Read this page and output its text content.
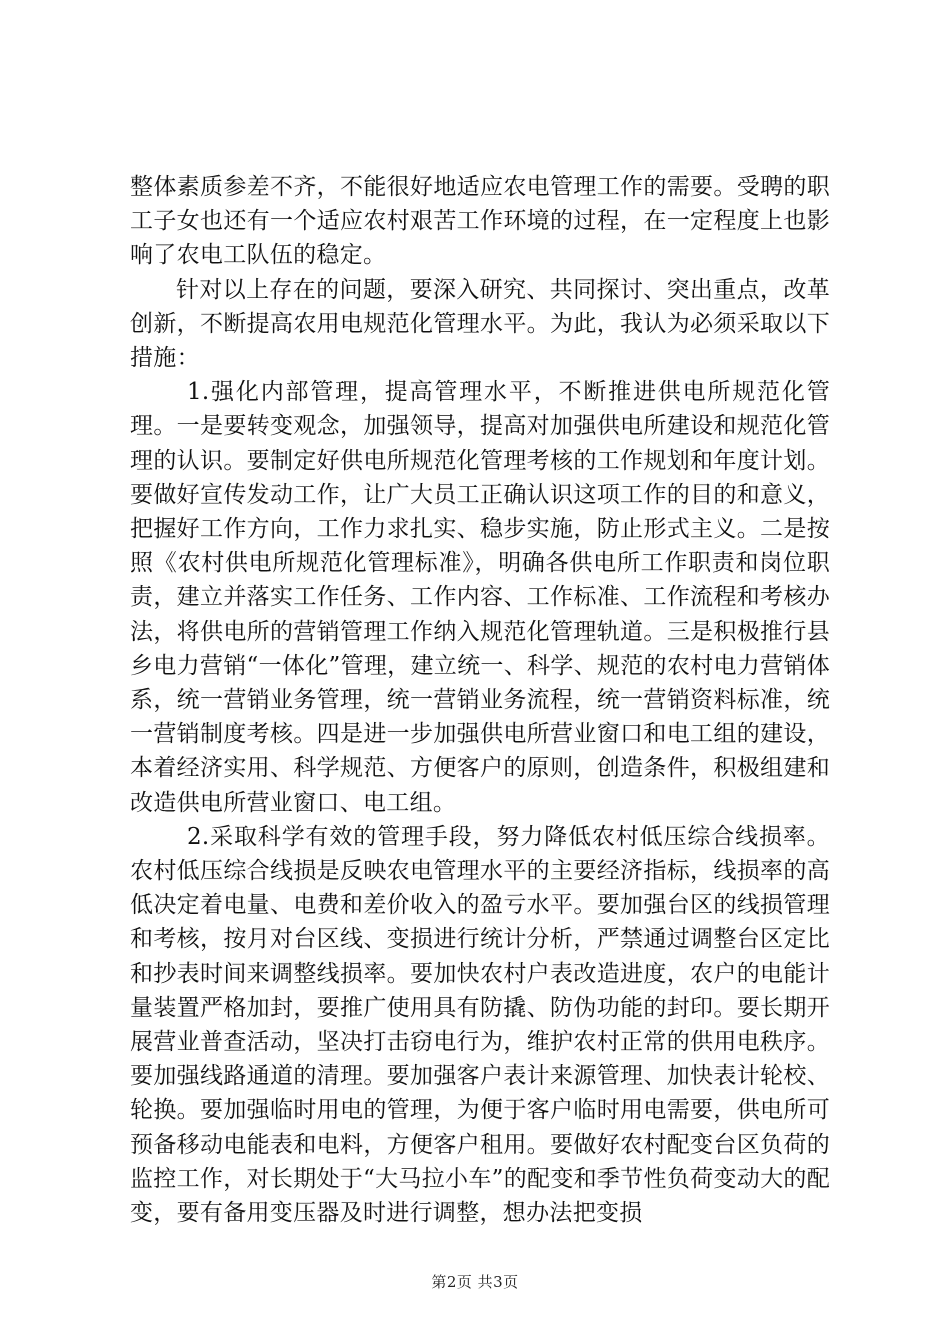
整体素质参差不齐，不能很好地适应农电管理工作的需要。受聘的职工子女也还有一个适应农村艰苦工作环境的过程，在一定程度上也影响了农电工队伍的稳定。

针对以上存在的问题，要深入研究、共同探讨、突出重点，改革创新，不断提高农用电规范化管理水平。为此，我认为必须采取以下措施：

1.强化内部管理，提高管理水平，不断推进供电所规范化管理。一是要转变观念，加强领导，提高对加强供电所建设和规范化管理的认识。要制定好供电所规范化管理考核的工作规划和年度计划。要做好宣传发动工作，让广大员工正确认识这项工作的目的和意义，把握好工作方向，工作力求扎实、稳步实施，防止形式主义。二是按照《农村供电所规范化管理标准》，明确各供电所工作职责和岗位职责，建立并落实工作任务、工作内容、工作标准、工作流程和考核办法，将供电所的营销管理工作纳入规范化管理轨道。三是积极推行县乡电力营销“一体化”管理，建立统一、科学、规范的农村电力营销体系，统一营销业务管理，统一营销业务流程，统一营销资料标准，统一营销制度考核。四是进一步加强供电所营业窗口和电工组的建设，本着经济实用、科学规范、方便客户的原则，创造条件，积极组建和改造供电所营业窗口、电工组。

2.采取科学有效的管理手段，努力降低农村低压综合线损率。农村低压综合线损是反映农电管理水平的主要经济指标，线损率的高低决定着电量、电费和差价收入的盈亏水平。要加强台区的线损管理和考核，按月对台区线、变损进行统计分析，严禁通过调整台区定比和抄表时间来调整线损率。要加快农村户表改造进度，农户的电能计量装置严格加封，要推广使用具有防撬、防伪功能的封印。要长期开展营业普查活动，坚决打击窃电行为，维护农村正常的供用电秩序。要加强线路通道的清理。要加强客户表计来源管理、加快表计轮校、轮换。要加强临时用电的管理，为便于客户临时用电需要，供电所可预备移动电能表和电料，方便客户租用。要做好农村配变台区负荷的监控工作，对长期处于“大马拉小车”的配变和季节性负荷变动大的配变，要有备用变压器及时进行调整，想办法把变损

第2页 共3页
